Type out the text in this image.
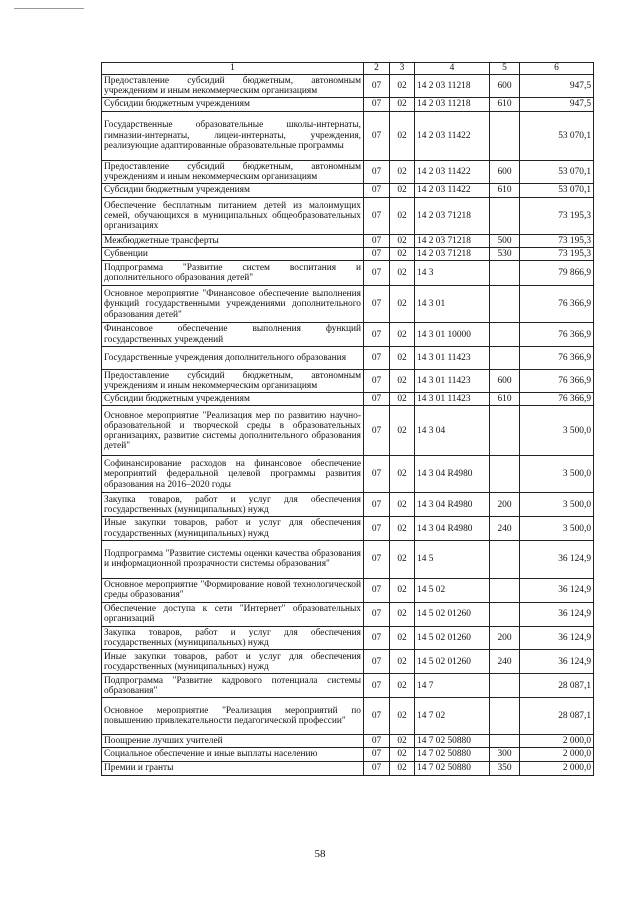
1	2	3	4	5	6
Предоставление субсидий бюджетным, автономным учреждениям и иным некоммерческим организациям	07	02	14 2 03 11218	600	947,5
Субсидии бюджетным учреждениям	07	02	14 2 03 11218	610	947,5
Государственные образовательные школы-интернаты, гимназии-интернаты, лицеи-интернаты, учреждения, реализующие адаптированные образовательные программы	07	02	14 2 03 11422		53 070,1
Предоставление субсидий бюджетным, автономным учреждениям и иным некоммерческим организациям	07	02	14 2 03 11422	600	53 070,1
Субсидии бюджетным учреждениям	07	02	14 2 03 11422	610	53 070,1
Обеспечение бесплатным питанием детей из малоимущих семей, обучающихся в муниципальных общеобразовательных организациях	07	02	14 2 03 71218		73 195,3
Межбюджетные трансферты	07	02	14 2 03 71218	500	73 195,3
Субвенции	07	02	14 2 03 71218	530	73 195,3
Подпрограмма "Развитие систем воспитания и дополнительного образования детей"	07	02	14 3		79 866,9
Основное мероприятие "Финансовое обеспечение выполнения функций государственными учреждениями дополнительного образования детей"	07	02	14 3 01		76 366,9
Финансовое обеспечение выполнения функций государственных учреждений	07	02	14 3 01 10000		76 366,9
Государственные учреждения дополнительного образования	07	02	14 3 01 11423		76 366,9
Предоставление субсидий бюджетным, автономным учреждениям и иным некоммерческим организациям	07	02	14 3 01 11423	600	76 366,9
Субсидии бюджетным учреждениям	07	02	14 3 01 11423	610	76 366,9
Основное мероприятие "Реализация мер по развитию научно-образовательной и творческой среды в образовательных организациях, развитие системы дополнительного образования детей"	07	02	14 3 04		3 500,0
Софинансирование расходов на финансовое обеспечение мероприятий федеральной целевой программы развития образования на 2016–2020 годы	07	02	14 3 04 R4980		3 500,0
Закупка товаров, работ и услуг для обеспечения государственных (муниципальных) нужд	07	02	14 3 04 R4980	200	3 500,0
Иные закупки товаров, работ и услуг для обеспечения государственных (муниципальных) нужд	07	02	14 3 04 R4980	240	3 500,0
Подпрограмма "Развитие системы оценки качества образования и информационной прозрачности системы образования"	07	02	14 5		36 124,9
Основное мероприятие "Формирование новой технологической среды образования"	07	02	14 5 02		36 124,9
Обеспечение доступа к сети "Интернет" образовательных организаций	07	02	14 5 02 01260		36 124,9
Закупка товаров, работ и услуг для обеспечения государственных (муниципальных) нужд	07	02	14 5 02 01260	200	36 124,9
Иные закупки товаров, работ и услуг для обеспечения государственных (муниципальных) нужд	07	02	14 5 02 01260	240	36 124,9
Подпрограмма "Развитие кадрового потенциала системы образования"	07	02	14 7		28 087,1
Основное мероприятие "Реализация мероприятий по повышению привлекательности педагогической профессии"	07	02	14 7 02		28 087,1
Поощрение лучших учителей	07	02	14 7 02 50880		2 000,0
Социальное обеспечение и иные выплаты населению	07	02	14 7 02 50880	300	2 000,0
Премии и гранты	07	02	14 7 02 50880	350	2 000,0
58
